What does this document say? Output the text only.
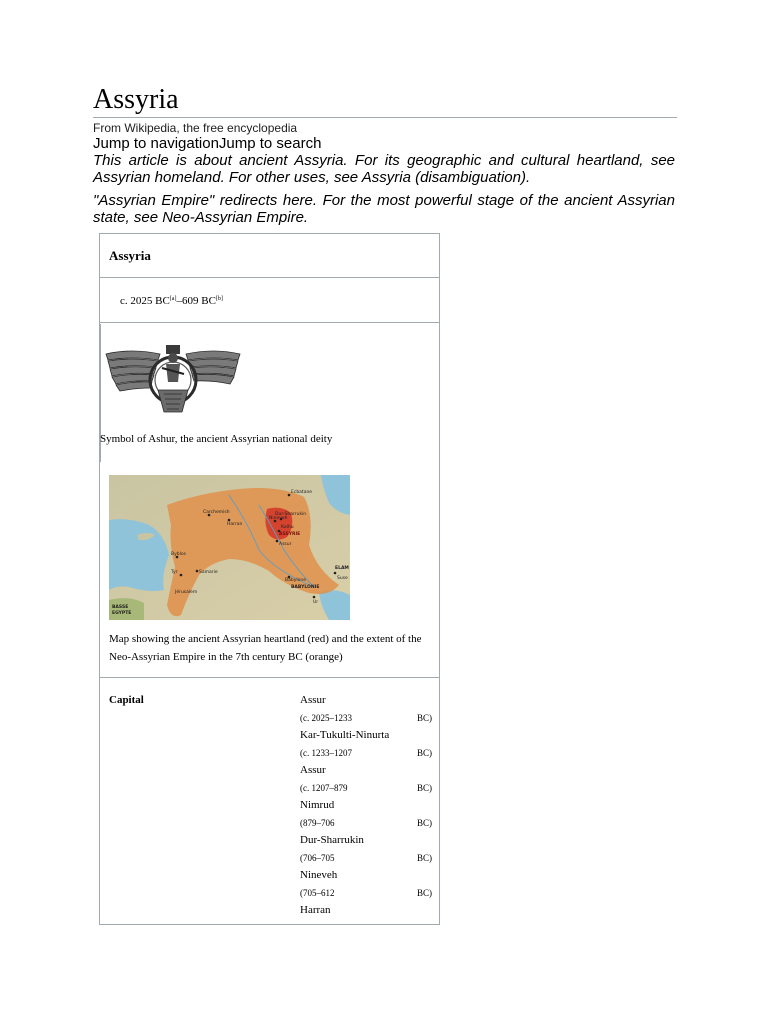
Assyria
From Wikipedia, the free encyclopedia
Jump to navigationJump to search
This article is about ancient Assyria. For its geographic and cultural heartland, see Assyrian homeland. For other uses, see Assyria (disambiguation).
"Assyrian Empire" redirects here. For the most powerful stage of the ancient Assyrian state, see Neo-Assyrian Empire.
Assyria
c. 2025 BC[a]–609 BC[b]
Symbol of Ashur, the ancient Assyrian national deity
Carchemish
Harran
Nineveh
Dur-Sharrukin
ASSYRIE
Kalhu
Assur
Babylone
BABYLONIE
ELAM
Suse
Ur
Byblos
Tyr	Samarie
Jérusalem
BASSE
EGYPTE
Ecbatane
Map showing the ancient Assyrian heartland (red) and the extent of the Neo-Assyrian Empire in the 7th century BC (orange)
Capital	Assur
(c. 2025–1233	BC)
Kar-Tukulti-Ninurta
(c. 1233–1207	BC)
Assur
(c. 1207–879	BC)
Nimrud
(879–706	BC)
Dur-Sharrukin
(706–705	BC)
Nineveh
(705–612	BC)
Harran
